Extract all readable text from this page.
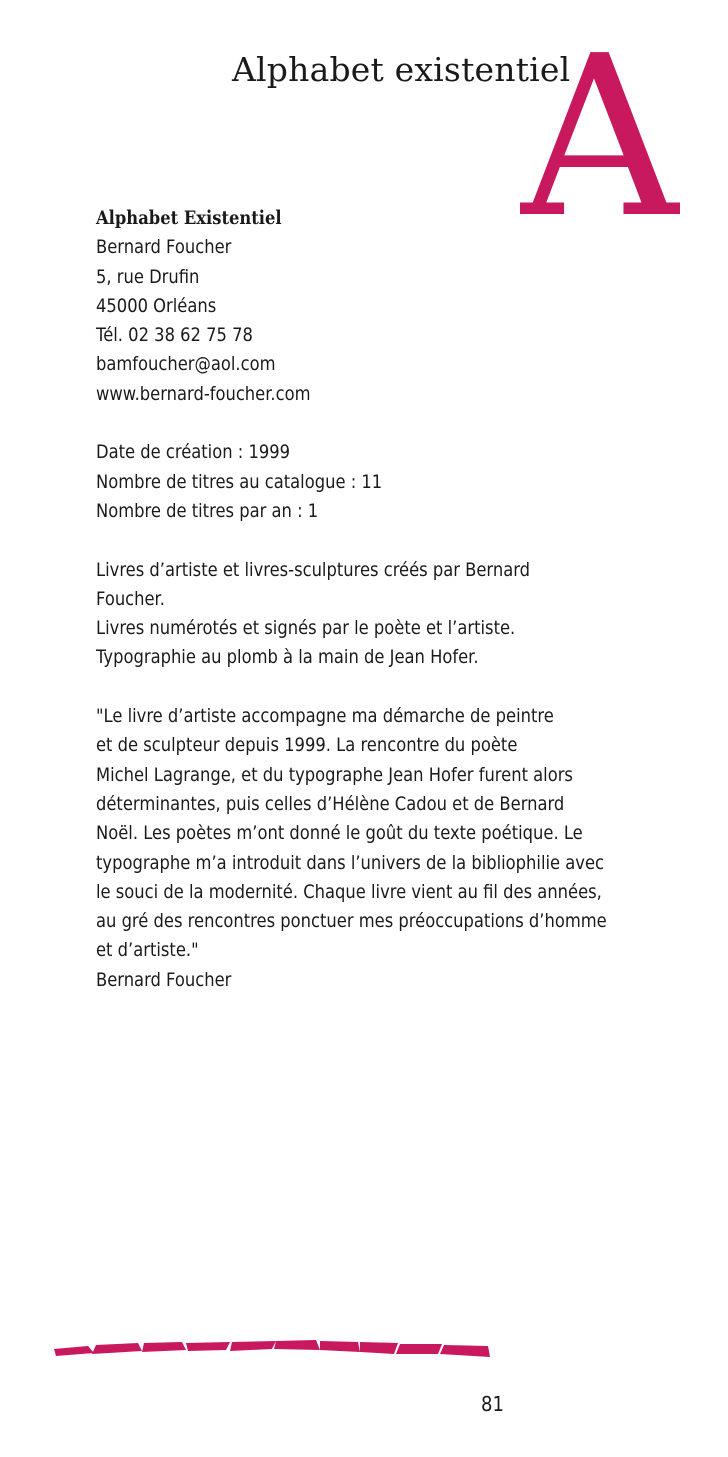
Alphabet existentiel
A
Alphabet Existentiel
Bernard Foucher
5, rue Drufin
45000 Orléans
Tél. 02 38 62 75 78
bamfoucher@aol.com
www.bernard-foucher.com
Date de création : 1999
Nombre de titres au catalogue : 11
Nombre de titres par an : 1
Livres d’artiste et livres-sculptures créés par Bernard
Foucher.
Livres numérotés et signés par le poète et l’artiste.
Typographie au plomb à la main de Jean Hofer.
"Le livre d’artiste accompagne ma démarche de peintre
et de sculpteur depuis 1999. La rencontre du poète
Michel Lagrange, et du typographe Jean Hofer furent alors
déterminantes, puis celles d’Hélène Cadou et de Bernard
Noël. Les poètes m’ont donné le goût du texte poétique. Le
typographe m’a introduit dans l’univers de la bibliophilie avec
le souci de la modernité. Chaque livre vient au fil des années,
au gré des rencontres ponctuer mes préoccupations d’homme
et d’artiste."
Bernard Foucher
81
